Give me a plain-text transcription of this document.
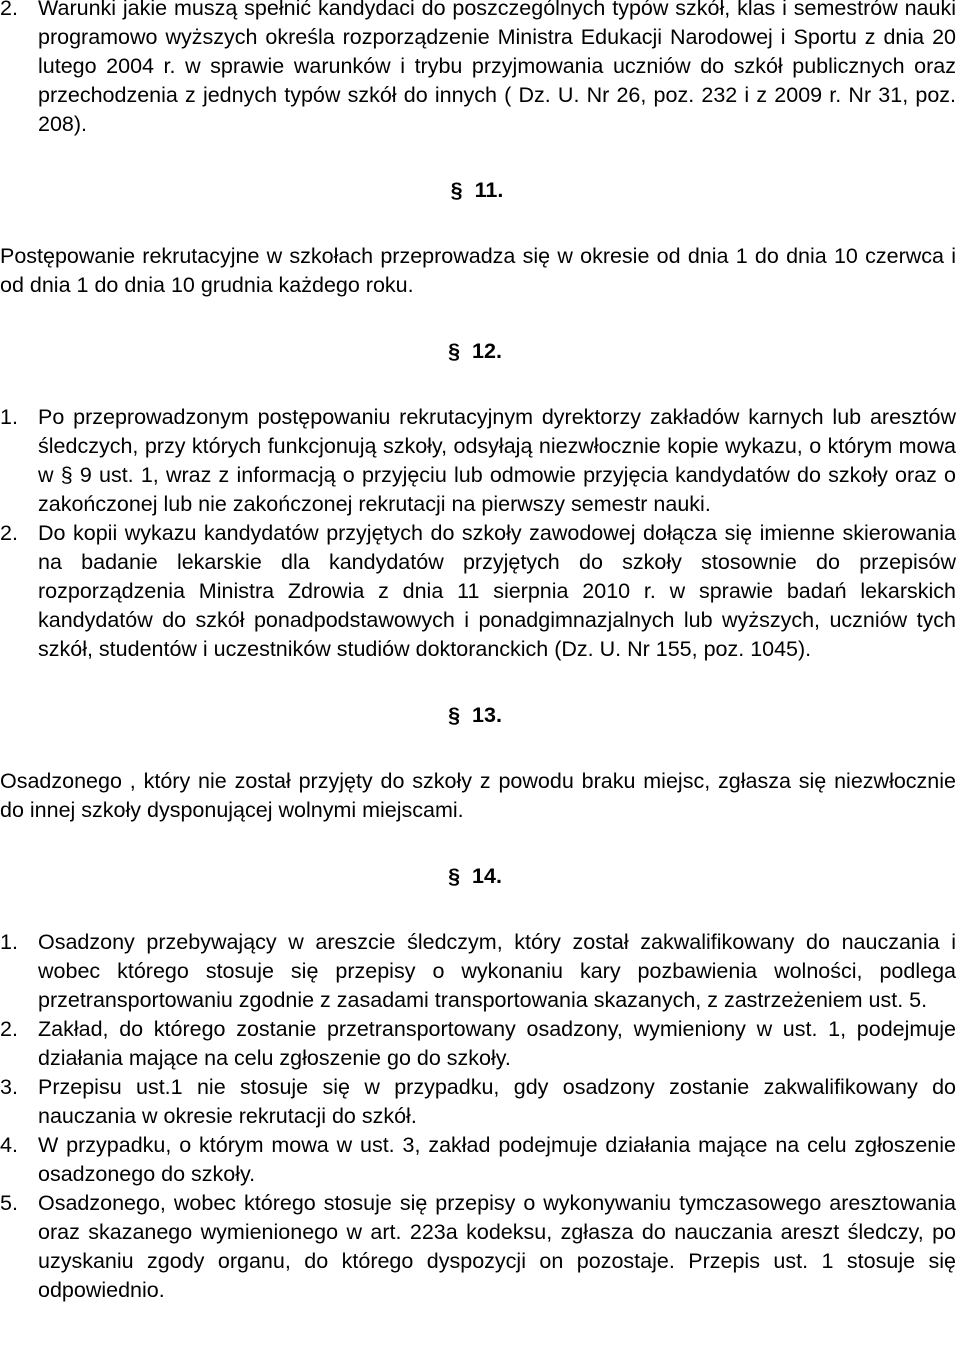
2. Warunki jakie muszą spełnić kandydaci do poszczególnych typów szkół, klas i semestrów nauki programowo wyższych określa rozporządzenie Ministra Edukacji Narodowej i Sportu z dnia 20 lutego 2004 r. w sprawie warunków i trybu przyjmowania uczniów do szkół publicznych oraz przechodzenia z jednych typów szkół do innych ( Dz. U. Nr 26, poz. 232 i z 2009 r. Nr 31, poz. 208).
§ 11.

Postępowanie rekrutacyjne w szkołach przeprowadza się w okresie od dnia 1 do dnia 10 czerwca i od dnia 1 do dnia 10 grudnia każdego roku.

§ 12.
1. Po przeprowadzonym postępowaniu rekrutacyjnym dyrektorzy zakładów karnych lub aresztów śledczych, przy których funkcjonują szkoły, odsyłają niezwłocznie kopie wykazu, o którym mowa w § 9 ust. 1, wraz z informacją o przyjęciu lub odmowie przyjęcia kandydatów do szkoły oraz o zakończonej lub nie zakończonej rekrutacji na pierwszy semestr nauki.
2. Do kopii wykazu kandydatów przyjętych do szkoły zawodowej dołącza się imienne skierowania na badanie lekarskie dla kandydatów przyjętych do szkoły stosownie do przepisów rozporządzenia Ministra Zdrowia z dnia 11 sierpnia 2010 r. w sprawie badań lekarskich kandydatów do szkół ponadpodstawowych i ponadgimnazjalnych lub wyższych, uczniów tych szkół, studentów i uczestników studiów doktoranckich (Dz. U. Nr 155, poz. 1045).
§ 13.

Osadzonego , który nie został przyjęty do szkoły z powodu braku miejsc, zgłasza się niezwłocznie do innej szkoły dysponującej wolnymi miejscami.

§ 14.
1. Osadzony przebywający w areszcie śledczym, który został zakwalifikowany do nauczania i wobec którego stosuje się przepisy o wykonaniu kary pozbawienia wolności, podlega przetransportowaniu zgodnie z zasadami transportowania skazanych, z zastrzeżeniem ust. 5.
2. Zakład, do którego zostanie przetransportowany osadzony, wymieniony w ust. 1, podejmuje działania mające na celu zgłoszenie go do szkoły.
3. Przepisu ust.1 nie stosuje się w przypadku, gdy osadzony zostanie zakwalifikowany do nauczania w okresie rekrutacji do szkół.
4. W przypadku, o którym mowa w ust. 3, zakład podejmuje działania mające na celu zgłoszenie osadzonego do szkoły.
5. Osadzonego, wobec którego stosuje się przepisy o wykonywaniu tymczasowego aresztowania oraz skazanego wymienionego w art. 223a kodeksu, zgłasza do nauczania areszt śledczy, po uzyskaniu zgody organu, do którego dyspozycji on pozostaje. Przepis ust. 1 stosuje się odpowiednio.
